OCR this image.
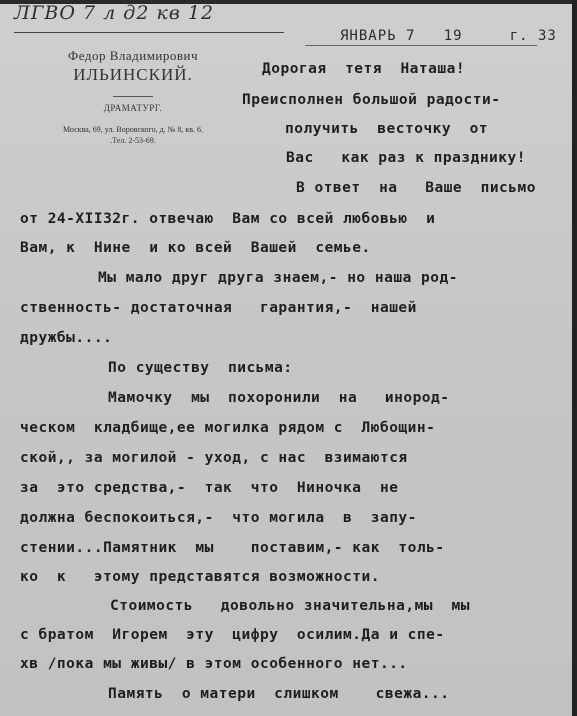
ЛГВО 7 л д2 кв 12
Федор Владимирович
ИЛЬИНСКИЙ.
ДРАМАТУРГ.
Москва, 69, ул. Воровского, д. № 8, кв. 6.
.Тел. 2-53-69.
ЯНВАРЬ 7   19     г. 33
Дорогая  тетя  Наташа!
Преисполнен большой радости-
получить  весточку  от
Вас   как раз к празднику!
В ответ  на   Ваше  письмо
от 24-XII32г. отвечаю  Вам со всей любовью  и
Вам, к  Нине  и ко всей  Вашей  семье.
Мы мало друг друга знаем,- но наша род-
ственность- достаточная   гарантия,-  нашей
дружбы....
По существу  письма:
Мамочку  мы  похоронили  на   инород-
ческом  кладбище,ее могилка рядом с  Любощин-
ской,, за могилой - уход, с нас  взимаются
за  это средства,-  так  что  Ниночка  не
должна беспокоиться,-  что могила  в  запу-
стении...Памятник  мы    поставим,- как  толь-
ко  к   этому представятся возможности.
Стоимость   довольно значительна,мы  мы
с братом  Игорем  эту  цифру  осилим.Да и спе-
хв /пока мы живы/ в этом особенного нет...
Память  о матери  слишком    свежа...
